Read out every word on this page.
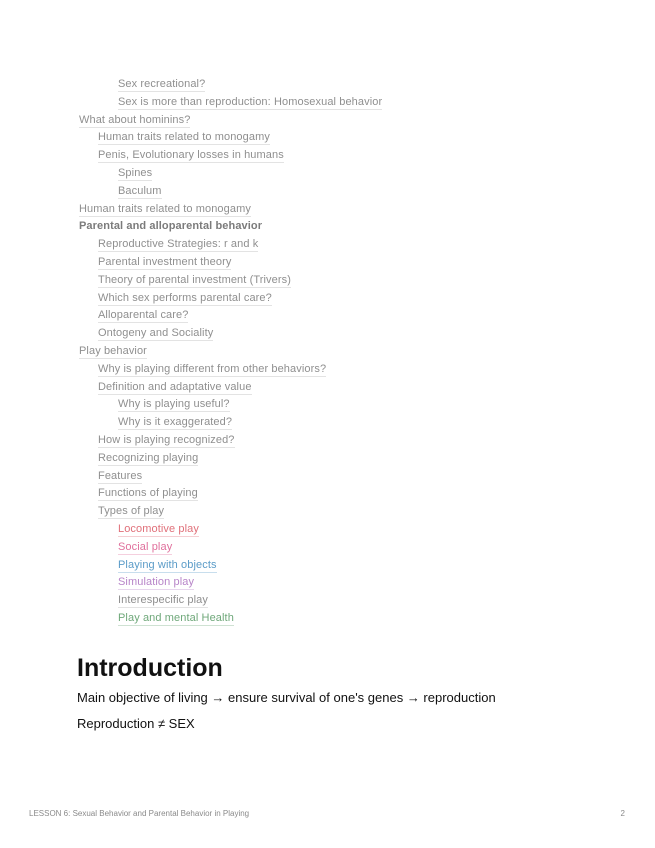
Sex recreational?
Sex is more than reproduction: Homosexual behavior
What about hominins?
Human traits related to monogamy
Penis, Evolutionary losses in humans
Spines
Baculum
Human traits related to monogamy
Parental and alloparental behavior
Reproductive Strategies: r and k
Parental investment theory
Theory of parental investment (Trivers)
Which sex performs parental care?
Alloparental care?
Ontogeny and Sociality
Play behavior
Why is playing different from other behaviors?
Definition and adaptative value
Why is playing useful?
Why is it exaggerated?
How is playing recognized?
Recognizing playing
Features
Functions of playing
Types of play
Locomotive play
Social play
Playing with objects
Simulation play
Interespecific play
Play and mental Health
Introduction

Main objective of living → ensure survival of one's genes → reproduction

Reproduction ≠ SEX

LESSON 6: Sexual Behavior and Parental Behavior in Playing	2
